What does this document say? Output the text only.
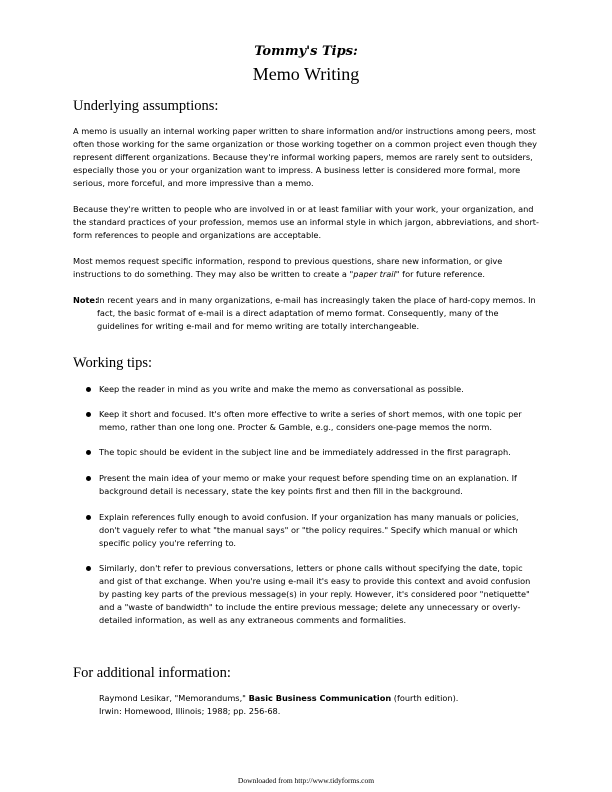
Tommy's Tips:
Memo Writing
Underlying assumptions:

A memo is usually an internal working paper written to share information and/or instructions among peers, most often those working for the same organization or those working together on a common project even though they represent different organizations. Because they're informal working papers, memos are rarely sent to outsiders, especially those you or your organization want to impress. A business letter is considered more formal, more serious, more forceful, and more impressive than a memo.

Because they're written to people who are involved in or at least familiar with your work, your organization, and the standard practices of your profession, memos use an informal style in which jargon, abbreviations, and short-form references to people and organizations are acceptable.

Most memos request specific information, respond to previous questions, share new information, or give instructions to do something. They may also be written to create a "paper trail" for future reference.

Note:
In recent years and in many organizations, e-mail has increasingly taken the place of hard-copy memos. In fact, the basic format of e-mail is a direct adaptation of memo format. Consequently, many of the guidelines for writing e-mail and for memo writing are totally interchangeable.
Working tips:
Keep the reader in mind as you write and make the memo as conversational as possible.
Keep it short and focused. It's often more effective to write a series of short memos, with one topic per memo, rather than one long one. Procter & Gamble, e.g., considers one-page memos the norm.
The topic should be evident in the subject line and be immediately addressed in the first paragraph.
Present the main idea of your memo or make your request before spending time on an explanation. If background detail is necessary, state the key points first and then fill in the background.
Explain references fully enough to avoid confusion. If your organization has many manuals or policies, don't vaguely refer to what "the manual says" or "the policy requires." Specify which manual or which specific policy you're referring to.
Similarly, don't refer to previous conversations, letters or phone calls without specifying the date, topic and gist of that exchange. When you're using e-mail it's easy to provide this context and avoid confusion by pasting key parts of the previous message(s) in your reply. However, it's considered poor "netiquette" and a "waste of bandwidth" to include the entire previous message; delete any unnecessary or overly-detailed information, as well as any extraneous comments and formalities.
For additional information:
Raymond Lesikar, "Memorandums," Basic Business Communication (fourth edition).
Irwin: Homewood, Illinois; 1988; pp. 256-68.
Downloaded from http://www.tidyforms.com
